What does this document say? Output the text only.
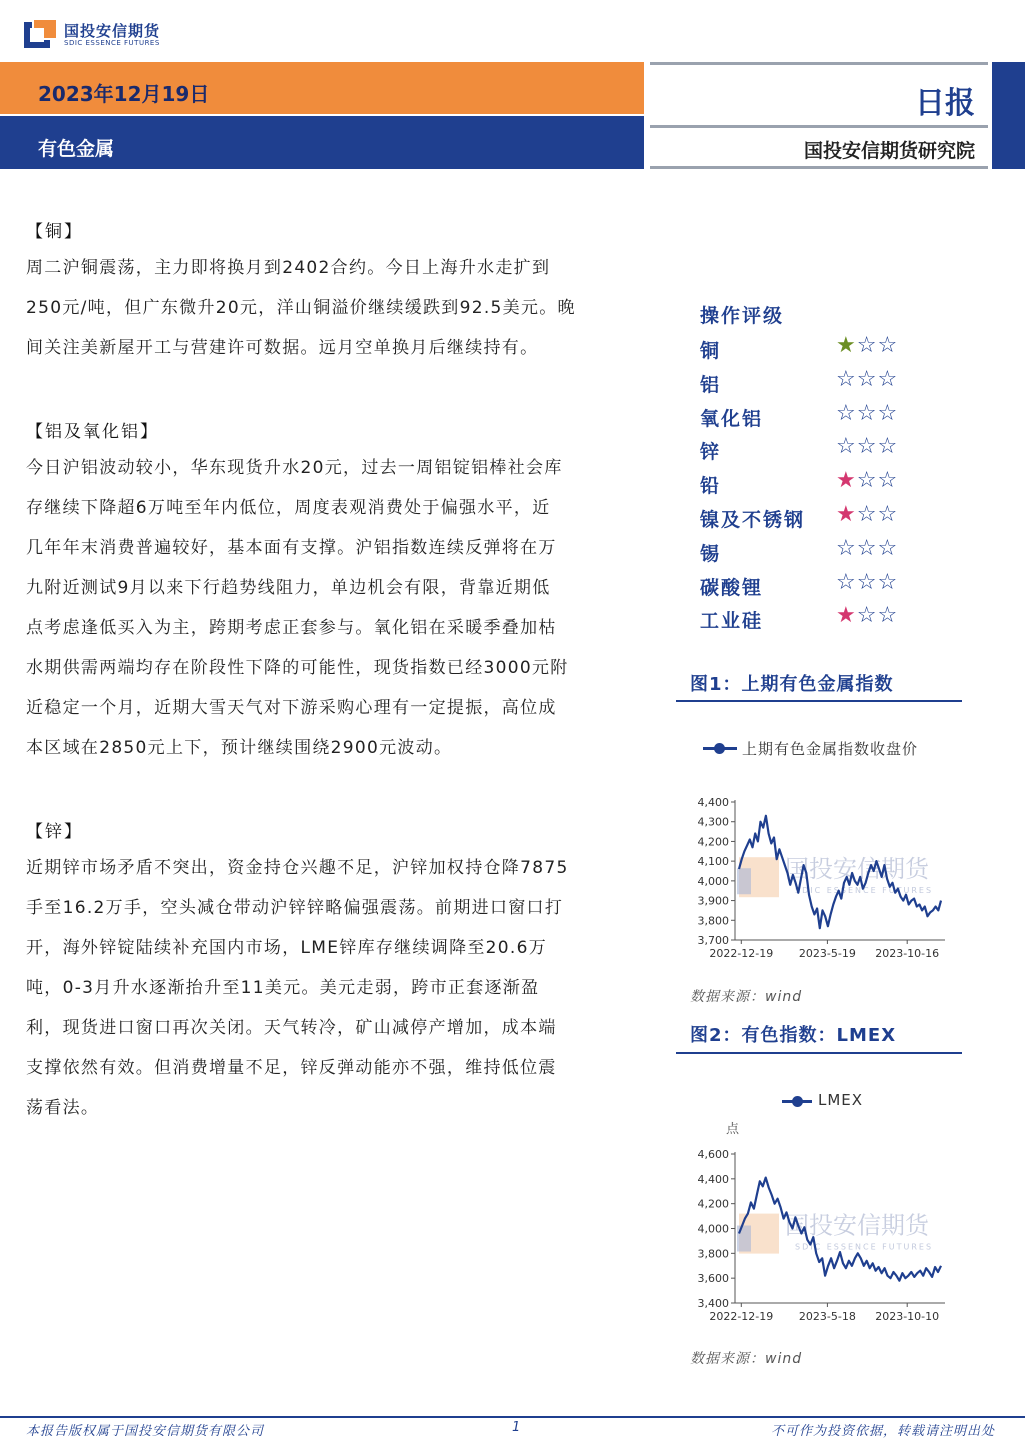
国投安信期货
SDIC ESSENCE FUTURES
2023年12月19日
有色金属
日报
国投安信期货研究院
【铜】
周二沪铜震荡，主力即将换月到2402合约。今日上海升水走扩到
250元/吨，但广东微升20元，洋山铜溢价继续缓跌到92.5美元。晚
间关注美新屋开工与营建许可数据。远月空单换月后继续持有。
【铝及氧化铝】
今日沪铝波动较小，华东现货升水20元，过去一周铝锭铝棒社会库
存继续下降超6万吨至年内低位，周度表观消费处于偏强水平，近
几年年末消费普遍较好，基本面有支撑。沪铝指数连续反弹将在万
九附近测试9月以来下行趋势线阻力，单边机会有限，背靠近期低
点考虑逢低买入为主，跨期考虑正套参与。氧化铝在采暖季叠加枯
水期供需两端均存在阶段性下降的可能性，现货指数已经3000元附
近稳定一个月，近期大雪天气对下游采购心理有一定提振，高位成
本区域在2850元上下，预计继续围绕2900元波动。
【锌】
近期锌市场矛盾不突出，资金持仓兴趣不足，沪锌加权持仓降7875
手至16.2万手，空头减仓带动沪锌锌略偏强震荡。前期进口窗口打
开，海外锌锭陆续补充国内市场，LME锌库存继续调降至20.6万
吨，0-3月升水逐渐抬升至11美元。美元走弱，跨市正套逐渐盈
利，现货进口窗口再次关闭。天气转冷，矿山减停产增加，成本端
支撑依然有效。但消费增量不足，锌反弹动能亦不强，维持低位震
荡看法。
操作评级
铜	★☆☆
铝	☆☆☆
氧化铝	☆☆☆
锌	☆☆☆
铅	★☆☆
镍及不锈钢 ★☆☆
锡	☆☆☆
碳酸锂	☆☆☆
工业硅	★☆☆
图1：上期有色金属指数
上期有色金属指数收盘价
国投安信期货
SDIC ESSENCE FUTURES
3,700
3,800
3,900
4,000
4,100
4,200
4,300
4,400
2022-12-19 2023-5-19 2023-10-16
数据来源：wind
图2：有色指数：LMEX
LMEX
点
国投安信期货
SDIC ESSENCE FUTURES
3,400
3,600
3,800
4,000
4,200
4,400
4,600
2022-12-19 2023-5-18 2023-10-10
数据来源：wind
本报告版权属于国投安信期货有限公司	1	不可作为投资依据，转载请注明出处
